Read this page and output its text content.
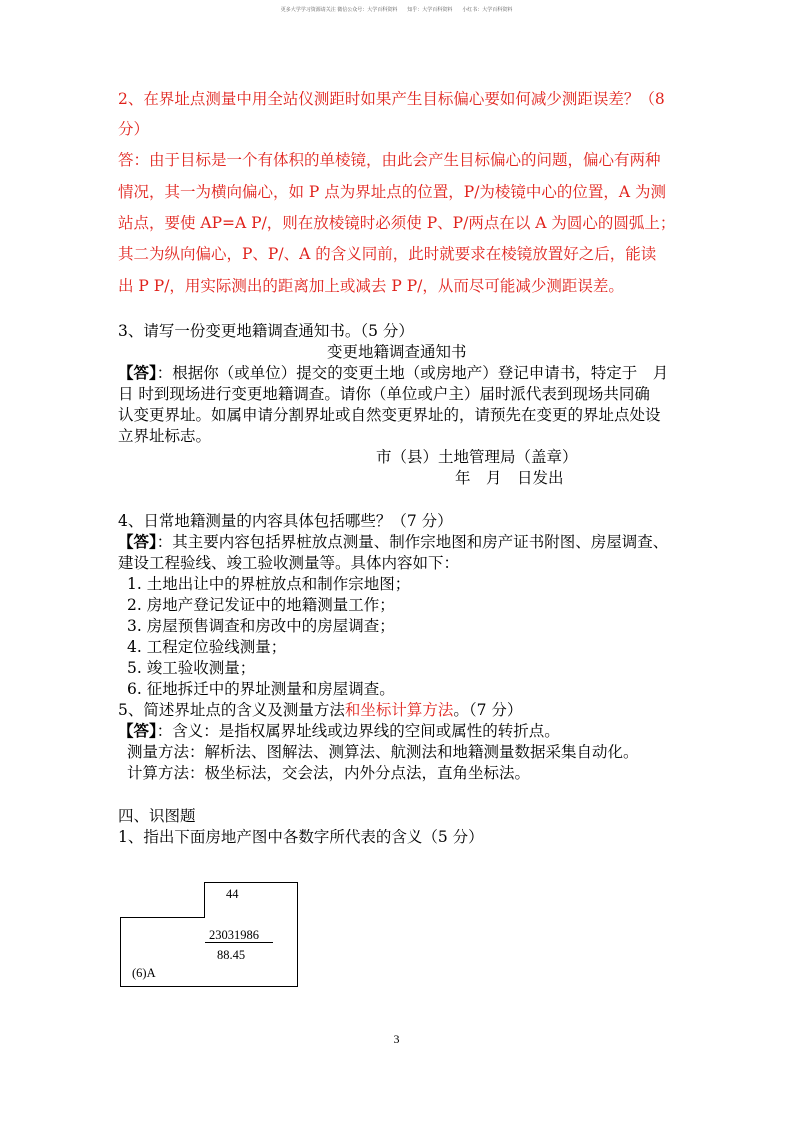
更多大学学习资源请关注 微信公众号：大学百科资料　　知乎：大学百科资料　　小红书：大学百科资料
2、在界址点测量中用全站仪测距时如果产生目标偏心要如何减少测距误差？（8
分）
答：由于目标是一个有体积的单棱镜，由此会产生目标偏心的问题，偏心有两种
情况，其一为横向偏心，如 P 点为界址点的位置，P/为棱镜中心的位置，A 为测
站点，要使 AP=A P/，则在放棱镜时必须使 P、P/两点在以 A 为圆心的圆弧上；
其二为纵向偏心，P、P/、A 的含义同前，此时就要求在棱镜放置好之后，能读
出 P P/，用实际测出的距离加上或减去 P P/，从而尽可能减少测距误差。
3、请写一份变更地籍调查通知书。（5 分）
变更地籍调查通知书
【答】：根据你（或单位）提交的变更土地（或房地产）登记申请书，特定于　月
日 时到现场进行变更地籍调查。请你（单位或户主）届时派代表到现场共同确
认变更界址。如属申请分割界址或自然变更界址的，请预先在变更的界址点处设
立界址标志。
市（县）土地管理局（盖章）
年　月　日发出
4、日常地籍测量的内容具体包括哪些？（7 分）
【答】：其主要内容包括界桩放点测量、制作宗地图和房产证书附图、房屋调查、
建设工程验线、竣工验收测量等。具体内容如下：
1. 土地出让中的界桩放点和制作宗地图；
2. 房地产登记发证中的地籍测量工作；
3. 房屋预售调查和房改中的房屋调查；
4. 工程定位验线测量；
5. 竣工验收测量；
6. 征地拆迁中的界址测量和房屋调查。
5、简述界址点的含义及测量方法和坐标计算方法。（7 分）
【答】：含义：是指权属界址线或边界线的空间或属性的转折点。
测量方法：解析法、图解法、测算法、航测法和地籍测量数据采集自动化。
计算方法：极坐标法，交会法，内外分点法，直角坐标法。
四、识图题
1、指出下面房地产图中各数字所代表的含义（5 分）
44
23031986
88.45
(6)A
3
